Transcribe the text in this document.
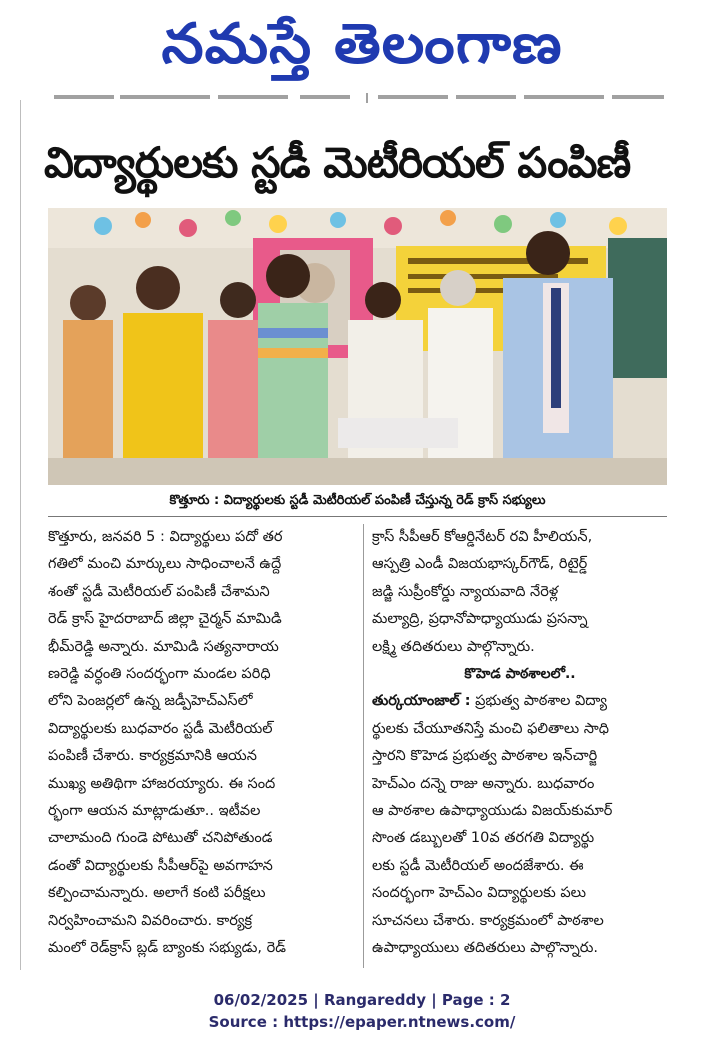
నమస్తే తెలంగాణ
విద్యార్థులకు స్టడీ మెటీరియల్ పంపిణీ
కొత్తూరు : విద్యార్థులకు స్టడీ మెటీరియల్ పంపిణీ చేస్తున్న రెడ్ క్రాస్ సభ్యులు

కొత్తూరు, జనవరి 5 : విద్యార్థులు పదో తర

గతిలో మంచి మార్కులు సాధించాలనే ఉద్దే

శంతో స్టడీ మెటీరియల్ పంపిణీ చేశామని

రెడ్ క్రాస్ హైదరాబాద్ జిల్లా చైర్మన్ మామిడి

భీమ్‌రెడ్డి అన్నారు. మామిడి సత్యనారాయ

ణరెడ్డి వర్ధంతి సందర్భంగా మండల పరిధి

లోని పెంజర్లలో ఉన్న జడ్పీహెచ్ఎస్‌లో

విద్యార్థులకు బుధవారం స్టడీ మెటీరియల్

పంపిణీ చేశారు. కార్యక్రమానికి ఆయన

ముఖ్య అతిథిగా హాజరయ్యారు. ఈ సంద

ర్భంగా ఆయన మాట్లాడుతూ.. ఇటీవల

చాలామంది గుండె పోటుతో చనిపోతుండ

డంతో విద్యార్థులకు సీపీఆర్‌పై అవగాహన

కల్పించామన్నారు. అలాగే కంటి పరీక్షలు

నిర్వహించామని వివరించారు. కార్యక్ర

మంలో రెడ్‌క్రాస్ బ్లడ్ బ్యాంకు సభ్యుడు, రెడ్

క్రాస్ సీపీఆర్ కోఆర్డినేటర్ రవి హీలియన్,

ఆస్పత్రి ఎండీ విజయభాస్కర్‌గౌడ్, రిటైర్డ్

జడ్జి సుప్రీంకోర్డు న్యాయవాది నేరెళ్ల

మల్యాద్రి, ప్రధానోపాధ్యాయుడు ప్రసన్నా

లక్ష్మి తదితరులు పాల్గొన్నారు.

కొహెడ పాఠశాలలో..

తుర్కయాంజాల్ : ప్రభుత్వ పాఠశాల విద్యా

ర్థులకు చేయూతనిస్తే మంచి ఫలితాలు సాధి

స్తారని కొహెడ ప్రభుత్వ పాఠశాల ఇన్‌చార్జి

హెచ్ఎం దన్నె రాజు అన్నారు. బుధవారం

ఆ పాఠశాల ఉపాధ్యాయుడు విజయ్‌కుమార్

సొంత డబ్బులతో 10వ తరగతి విద్యార్థు

లకు స్టడీ మెటీరియల్ అందజేశారు. ఈ

సందర్భంగా హెచ్ఎం విద్యార్థులకు పలు

సూచనలు చేశారు. కార్యక్రమంలో పాఠశాల

ఉపాధ్యాయులు తదితరులు పాల్గొన్నారు.

06/02/2025 | Rangareddy | Page : 2
Source : https://epaper.ntnews.com/
